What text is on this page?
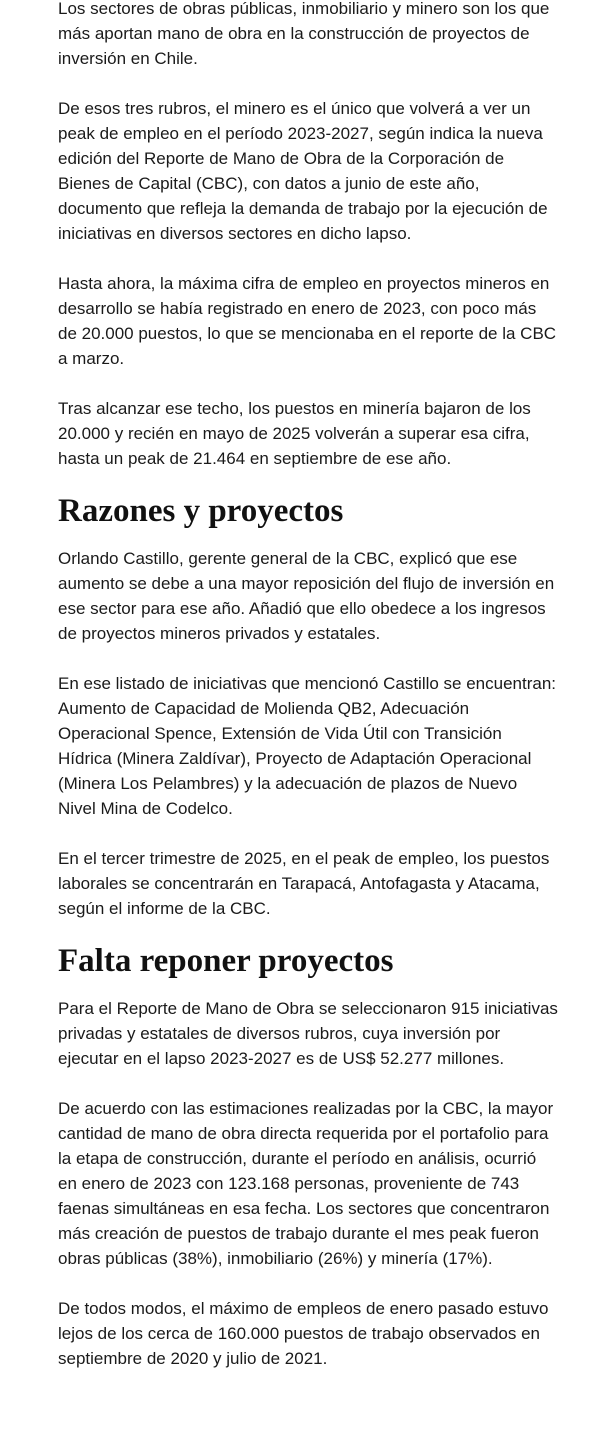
Los sectores de obras públicas, inmobiliario y minero son los que más aportan mano de obra en la construcción de proyectos de inversión en Chile.

De esos tres rubros, el minero es el único que volverá a ver un peak de empleo en el período 2023-2027, según indica la nueva edición del Reporte de Mano de Obra de la Corporación de Bienes de Capital (CBC), con datos a junio de este año, documento que refleja la demanda de trabajo por la ejecución de iniciativas en diversos sectores en dicho lapso.

Hasta ahora, la máxima cifra de empleo en proyectos mineros en desarrollo se había registrado en enero de 2023, con poco más de 20.000 puestos, lo que se mencionaba en el reporte de la CBC a marzo.

Tras alcanzar ese techo, los puestos en minería bajaron de los 20.000 y recién en mayo de 2025 volverán a superar esa cifra, hasta un peak de 21.464 en septiembre de ese año.

Razones y proyectos

Orlando Castillo, gerente general de la CBC, explicó que ese aumento se debe a una mayor reposición del flujo de inversión en ese sector para ese año. Añadió que ello obedece a los ingresos de proyectos mineros privados y estatales.

En ese listado de iniciativas que mencionó Castillo se encuentran: Aumento de Capacidad de Molienda QB2, Adecuación Operacional Spence, Extensión de Vida Útil con Transición Hídrica (Minera Zaldívar), Proyecto de Adaptación Operacional (Minera Los Pelambres) y la adecuación de plazos de Nuevo Nivel Mina de Codelco.

En el tercer trimestre de 2025, en el peak de empleo, los puestos laborales se concentrarán en Tarapacá, Antofagasta y Atacama, según el informe de la CBC.

Falta reponer proyectos

Para el Reporte de Mano de Obra se seleccionaron 915 iniciativas privadas y estatales de diversos rubros, cuya inversión por ejecutar en el lapso 2023-2027 es de US$ 52.277 millones.

De acuerdo con las estimaciones realizadas por la CBC, la mayor cantidad de mano de obra directa requerida por el portafolio para la etapa de construcción, durante el período en análisis, ocurrió en enero de 2023 con 123.168 personas, proveniente de 743 faenas simultáneas en esa fecha. Los sectores que concentraron más creación de puestos de trabajo durante el mes peak fueron obras públicas (38%), inmobiliario (26%) y minería (17%).

De todos modos, el máximo de empleos de enero pasado estuvo lejos de los cerca de 160.000 puestos de trabajo observados en septiembre de 2020 y julio de 2021.
